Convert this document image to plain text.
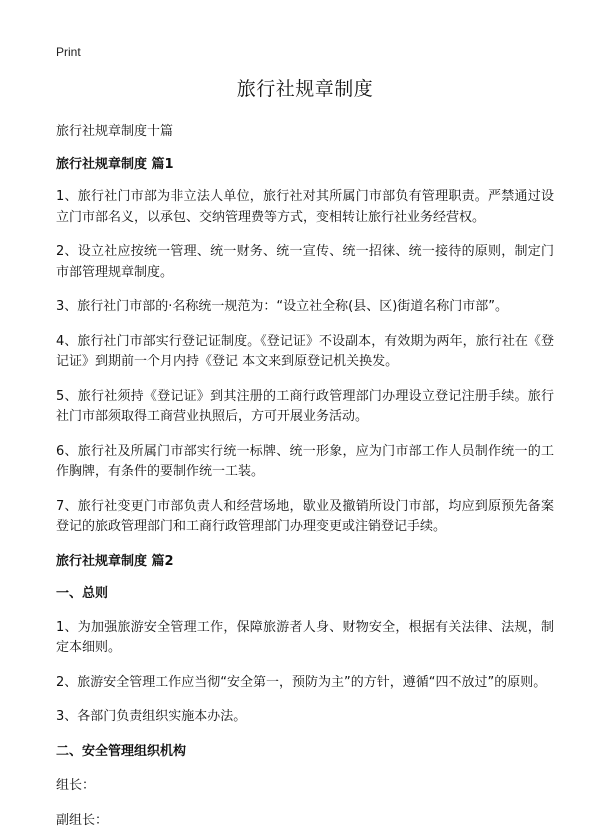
Print
旅行社规章制度
旅行社规章制度十篇
旅行社规章制度 篇1

1、旅行社门市部为非立法人单位，旅行社对其所属门市部负有管理职责。严禁通过设立门市部名义，以承包、交纳管理费等方式，变相转让旅行社业务经营权。

2、设立社应按统一管理、统一财务、统一宣传、统一招徕、统一接待的原则，制定门市部管理规章制度。

3、旅行社门市部的·名称统一规范为：“设立社全称(县、区)街道名称门市部”。

4、旅行社门市部实行登记证制度。《登记证》不设副本，有效期为两年，旅行社在《登记证》到期前一个月内持《登记 本文来到原登记机关换发。

5、旅行社须持《登记证》到其注册的工商行政管理部门办理设立登记注册手续。旅行社门市部须取得工商营业执照后，方可开展业务活动。

6、旅行社及所属门市部实行统一标牌、统一形象，应为门市部工作人员制作统一的工作胸牌，有条件的要制作统一工装。

7、旅行社变更门市部负责人和经营场地，歇业及撤销所设门市部，均应到原预先备案登记的旅政管理部门和工商行政管理部门办理变更或注销登记手续。

旅行社规章制度 篇2
一、总则

1、为加强旅游安全管理工作，保障旅游者人身、财物安全，根据有关法律、法规，制定本细则。

2、旅游安全管理工作应当彻“安全第一，预防为主”的方针，遵循“四不放过”的原则。

3、各部门负责组织实施本办法。

二、安全管理组织机构
组长：
副组长：
